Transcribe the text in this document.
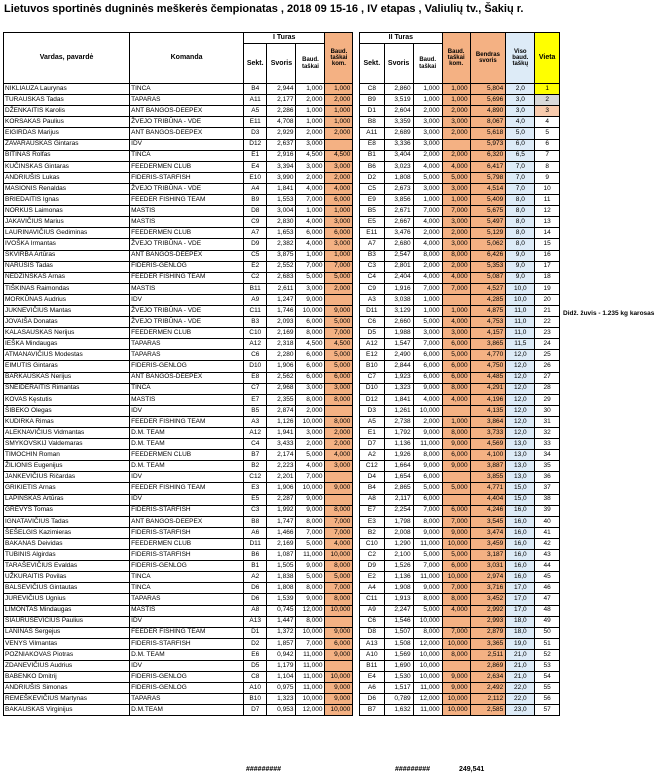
Lietuvos sportinės dugninės meškerės čempionatas , 2018 09 15-16 , IV etapas , Valiulių tv., Šakių r.
Vardas, pavardė	Komanda	I Turas			Baud. taškai kom.		II Turas			Baud. taškai kom.	Bendras svoris	Viso baud. taškų	Vieta
		Sekt.	Svoris	Baud. taškai			Sekt.	Svoris	Baud. taškai				

NIKLIAUZA Laurynas	TINCA	B4	2,944	1,000	1,000		C8	2,860	1,000	1,000	5,804	2,0	1
TURAUSKAS Tadas	TAPARAS	A11	2,177	2,000	2,000		B9	3,519	1,000	1,000	5,696	3,0	2
DŽENKAITIS Karolis	ANT BANGOS-DEEPEX	A5	2,286	1,000	1,000		D1	2,604	2,000	2,000	4,890	3,0	3
KORSAKAS Paulius	ŽVEJO TRIBŪNA - VDE	E11	4,708	1,000	1,000		B8	3,359	3,000	3,000	8,067	4,0	4
EIGIRDAS Marijus	ANT BANGOS-DEEPEX	D3	2,929	2,000	2,000		A11	2,689	3,000	2,000	5,618	5,0	5
ZAVARAUSKAS Gintaras	IDV	D12	2,637	3,000			E8	3,336	3,000		5,973	6,0	6
BITINAS Rolfas	TINCA	E1	2,916	4,500	4,500		B1	3,404	2,000	2,000	6,320	6,5	7
KUČINSKAS Gintaras	FEEDERMEN CLUB	E4	3,394	3,000	3,000		B6	3,023	4,000	4,000	6,417	7,0	8
ANDRIUŠIS Lukas	FIDERIS-STARFISH	E10	3,990	2,000	2,000		D2	1,808	5,000	5,000	5,798	7,0	9
MASIONIS Renaldas	ŽVEJO TRIBŪNA - VDE	A4	1,841	4,000	4,000		C5	2,673	3,000	3,000	4,514	7,0	10
BRIEDAITIS Ignas	FEEDER FISHING TEAM	B9	1,553	7,000	6,000		E9	3,856	1,000	1,000	5,409	8,0	11
NORKUS Laimonas	MASTIS	D8	3,004	1,000	1,000		B5	2,671	7,000	7,000	5,675	8,0	12
JAKAVIČIUS Marius	MASTIS	C9	2,830	4,000	3,000		E5	2,667	4,000	3,000	5,497	8,0	13
LAURINAVIČIUS Gediminas	FEEDERMEN CLUB	A7	1,653	6,000	6,000		E11	3,476	2,000	2,000	5,129	8,0	14
IVOŠKA Irmantas	ŽVEJO TRIBŪNA - VDE	D9	2,382	4,000	3,000		A7	2,680	4,000	3,000	5,062	8,0	15
SKVIRBA Artūras	ANT BANGOS-DEEPEX	C5	3,875	1,000	1,000		B3	2,547	8,000	8,000	6,426	9,0	16
NARUŠIS Tadas	FIDERIS-GENLOG	E2	2,552	7,000	7,000		C3	2,801	2,000	2,000	5,353	9,0	17
NEDZINSKAS Arnas	FEEDER FISHING TEAM	C2	2,683	5,000	5,000		C4	2,404	4,000	4,000	5,087	9,0	18
TIŠKINAS Raimondas	MASTIS	B11	2,611	3,000	2,000		C9	1,916	7,000	7,000	4,527	10,0	19
MORKŪNAS Audrius	IDV	A9	1,247	9,000			A3	3,038	1,000		4,285	10,0	20
JUKNEVIČIUS Mantas	ŽVEJO TRIBŪNA - VDE	C11	1,746	10,000	9,000		D11	3,129	1,000	1,000	4,875	11,0	21
JOVAIŠA Donatas	ŽVEJO TRIBŪNA - VDE	B3	2,093	6,000	5,000		C6	2,660	5,000	4,000	4,753	11,0	22
KALASAUSKAS Nerijus	FEEDERMEN CLUB	C10	2,169	8,000	7,000		D5	1,988	3,000	3,000	4,157	11,0	23
IEŠKA Mindaugas	TAPARAS	A12	2,318	4,500	4,500		A12	1,547	7,000	6,000	3,865	11,5	24
ATMANAVIČIUS Modestas	TAPARAS	C6	2,280	6,000	5,000		E12	2,490	6,000	5,000	4,770	12,0	25
EIMUTIS Gintaras	FIDERIS-GENLOG	D10	1,906	6,000	5,000		B10	2,844	6,000	6,000	4,750	12,0	26
BARKAUSKAS Nerijus	ANT BANGOS-DEEPEX	E8	2,562	6,000	6,000		C7	1,923	6,000	6,000	4,485	12,0	27
ŠNEIDERAITIS Rimantas	TINCA	C7	2,968	3,000	3,000		D10	1,323	9,000	8,000	4,291	12,0	28
KOVAS Kęstutis	MASTIS	E7	2,355	8,000	8,000		D12	1,841	4,000	4,000	4,196	12,0	29
ŠIBEKO Olegas	IDV	B5	2,874	2,000			D3	1,261	10,000		4,135	12,0	30
KUDIRKA Rimas	FEEDER FISHING TEAM	A3	1,126	10,000	8,000		A5	2,738	2,000	1,000	3,864	12,0	31
ALEKNAVIČIUS Vidmantas	D.M. TEAM	A12	1,941	3,000	2,000		E1	1,792	9,000	8,000	3,733	12,0	32
SMYKOVSKIJ Valdemaras	D.M. TEAM	C4	3,433	2,000	2,000		D7	1,136	11,000	9,000	4,569	13,0	33
TIMOCHIN Roman	FEEDERMEN CLUB	B7	2,174	5,000	4,000		A2	1,926	8,000	6,000	4,100	13,0	34
ŽILIONIS Eugenijus	D.M. TEAM	B2	2,223	4,000	3,000		C12	1,664	9,000	9,000	3,887	13,0	35
JANKEVIČIUS Ričardas	IDV	C12	2,201	7,000			D4	1,654	6,000		3,855	13,0	36
GRIKIETIS Arnas	FEEDER FISHING TEAM	E3	1,906	10,000	9,000		B4	2,865	5,000	5,000	4,771	15,0	37
LAPINSKAS Artūras	IDV	E5	2,287	9,000			A8	2,117	6,000		4,404	15,0	38
GREVYS Tomas	FIDERIS-STARFISH	C3	1,992	9,000	8,000		E7	2,254	7,000	6,000	4,246	16,0	39
IGNATAVIČIUS Tadas	ANT BANGOS-DEEPEX	B8	1,747	8,000	7,000		E3	1,798	8,000	7,000	3,545	16,0	40
ŠEŠELGIS Kazimieras	FIDERIS-STARFISH	A6	1,466	7,000	7,000		B2	2,008	9,000	9,000	3,474	16,0	41
BAKANAS Deividas	FEEDERMEN CLUB	D11	2,169	5,000	4,000		C10	1,290	11,000	10,000	3,459	16,0	42
TUBINIS Algirdas	FIDERIS-STARFISH	B6	1,087	11,000	10,000		C2	2,100	5,000	5,000	3,187	16,0	43
TARAŠEVIČIUS Evaldas	FIDERIS-GENLOG	B1	1,505	9,000	8,000		D9	1,526	7,000	6,000	3,031	16,0	44
UŽKURAITIS Povilas	TINCA	A2	1,838	5,000	5,000		E2	1,136	11,000	10,000	2,974	16,0	45
BALSEVIČIUS Gintautas	TINCA	D6	1,808	8,000	7,000		A4	1,908	9,000	7,000	3,716	17,0	46
JUREVIČIUS Ugnius	TAPARAS	D6	1,539	9,000	8,000		C11	1,913	8,000	8,000	3,452	17,0	47
LIMONTAS Mindaugas	MASTIS	A8	0,745	12,000	10,000		A9	2,247	5,000	4,000	2,992	17,0	48
SIAURUSEVIČIUS Paulius	IDV	A13	1,447	8,000			C6	1,546	10,000		2,993	18,0	49
LANINAS Sergejus	FEEDER FISHING TEAM	D1	1,372	10,000	9,000		D8	1,507	8,000	7,000	2,879	18,0	50
VENYS Vilmantas	FIDERIS-STARFISH	D2	1,857	7,000	6,000		A13	1,508	12,000	10,000	3,365	19,0	51
POZNIAKOVAS Piotras	D.M. TEAM	E6	0,942	11,000	9,000		A10	1,569	10,000	8,000	2,511	21,0	52
ZDANEVIČIUS Audrius	IDV	D5	1,179	11,000			B11	1,690	10,000		2,869	21,0	53
BABENKO Dmitrij	FIDERIS-GENLOG	C8	1,104	11,000	10,000		E4	1,530	10,000	9,000	2,634	21,0	54
ANDRIUŠIS Simonas	FIDERIS-GENLOG	A10	0,975	11,000	9,000		A6	1,517	11,000	9,000	2,492	22,0	55
REMEŠKEVIČIUS Martynas	TAPARAS	B10	1,323	10,000	9,000		D6	0,789	12,000	10,000	2,112	22,0	56
BAKAUSKAS Virginijus	D.M.TEAM	D7	0,953	12,000	10,000		B7	1,632	11,000	10,000	2,585	23,0	57
Didž. žuvis - 1.235 kg karosas
#########	#########	249,541
